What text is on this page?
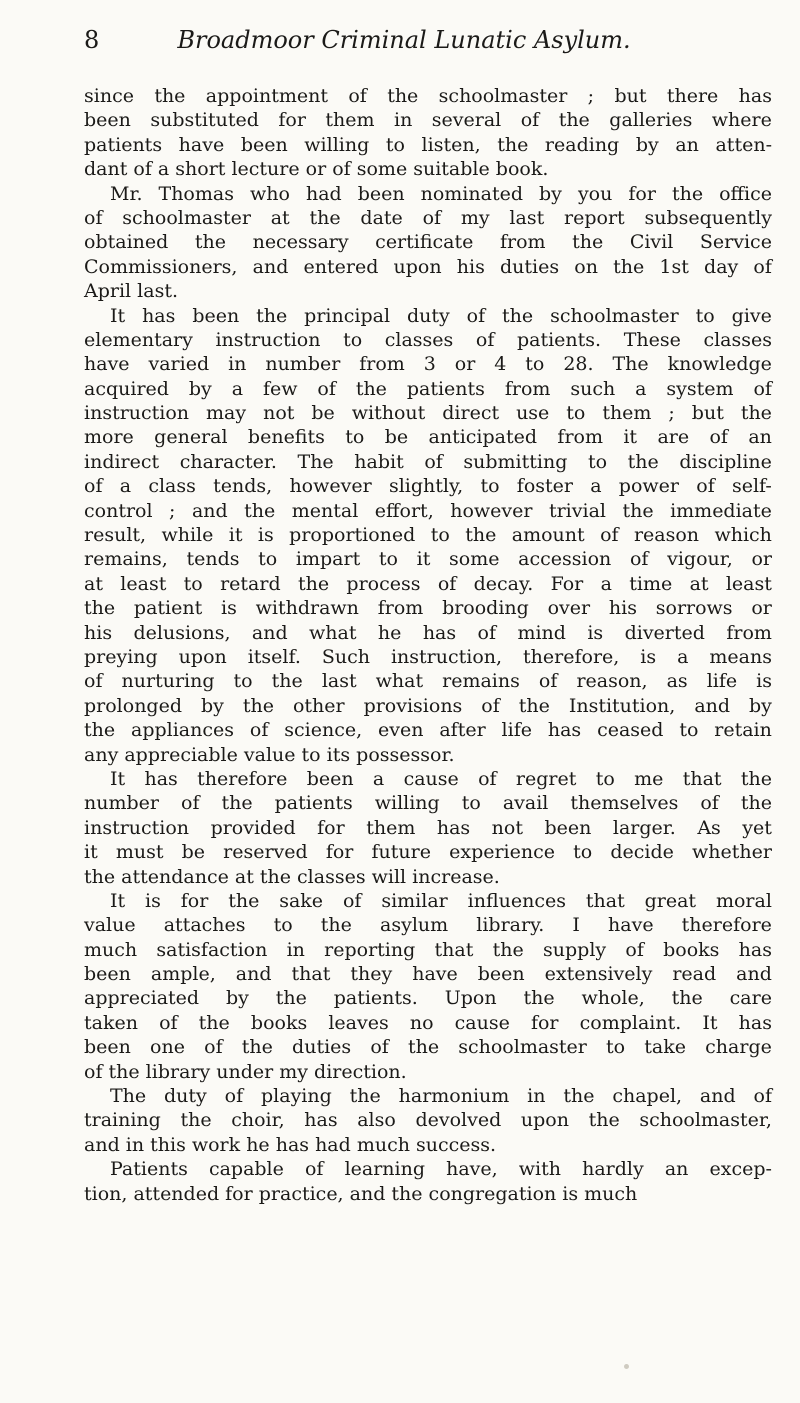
8	Broadmoor Criminal Lunatic Asylum.
since the appointment of the schoolmaster ; but there has
been substituted for them in several of the galleries where
patients have been willing to listen, the reading by an atten-
dant of a short lecture or of some suitable book.
Mr. Thomas who had been nominated by you for the office
of schoolmaster at the date of my last report subsequently
obtained the necessary certificate from the Civil Service
Commissioners, and entered upon his duties on the 1st day of
April last.
It has been the principal duty of the schoolmaster to give
elementary instruction to classes of patients. These classes
have varied in number from 3 or 4 to 28. The knowledge
acquired by a few of the patients from such a system of
instruction may not be without direct use to them ; but the
more general benefits to be anticipated from it are of an
indirect character. The habit of submitting to the discipline
of a class tends, however slightly, to foster a power of self-
control ; and the mental effort, however trivial the immediate
result, while it is proportioned to the amount of reason which
remains, tends to impart to it some accession of vigour, or
at least to retard the process of decay. For a time at least
the patient is withdrawn from brooding over his sorrows or
his delusions, and what he has of mind is diverted from
preying upon itself. Such instruction, therefore, is a means
of nurturing to the last what remains of reason, as life is
prolonged by the other provisions of the Institution, and by
the appliances of science, even after life has ceased to retain
any appreciable value to its possessor.
It has therefore been a cause of regret to me that the
number of the patients willing to avail themselves of the
instruction provided for them has not been larger. As yet
it must be reserved for future experience to decide whether
the attendance at the classes will increase.
It is for the sake of similar influences that great moral
value attaches to the asylum library. I have therefore
much satisfaction in reporting that the supply of books has
been ample, and that they have been extensively read and
appreciated by the patients. Upon the whole, the care
taken of the books leaves no cause for complaint. It has
been one of the duties of the schoolmaster to take charge
of the library under my direction.
The duty of playing the harmonium in the chapel, and of
training the choir, has also devolved upon the schoolmaster,
and in this work he has had much success.
Patients capable of learning have, with hardly an excep-
tion, attended for practice, and the congregation is much
